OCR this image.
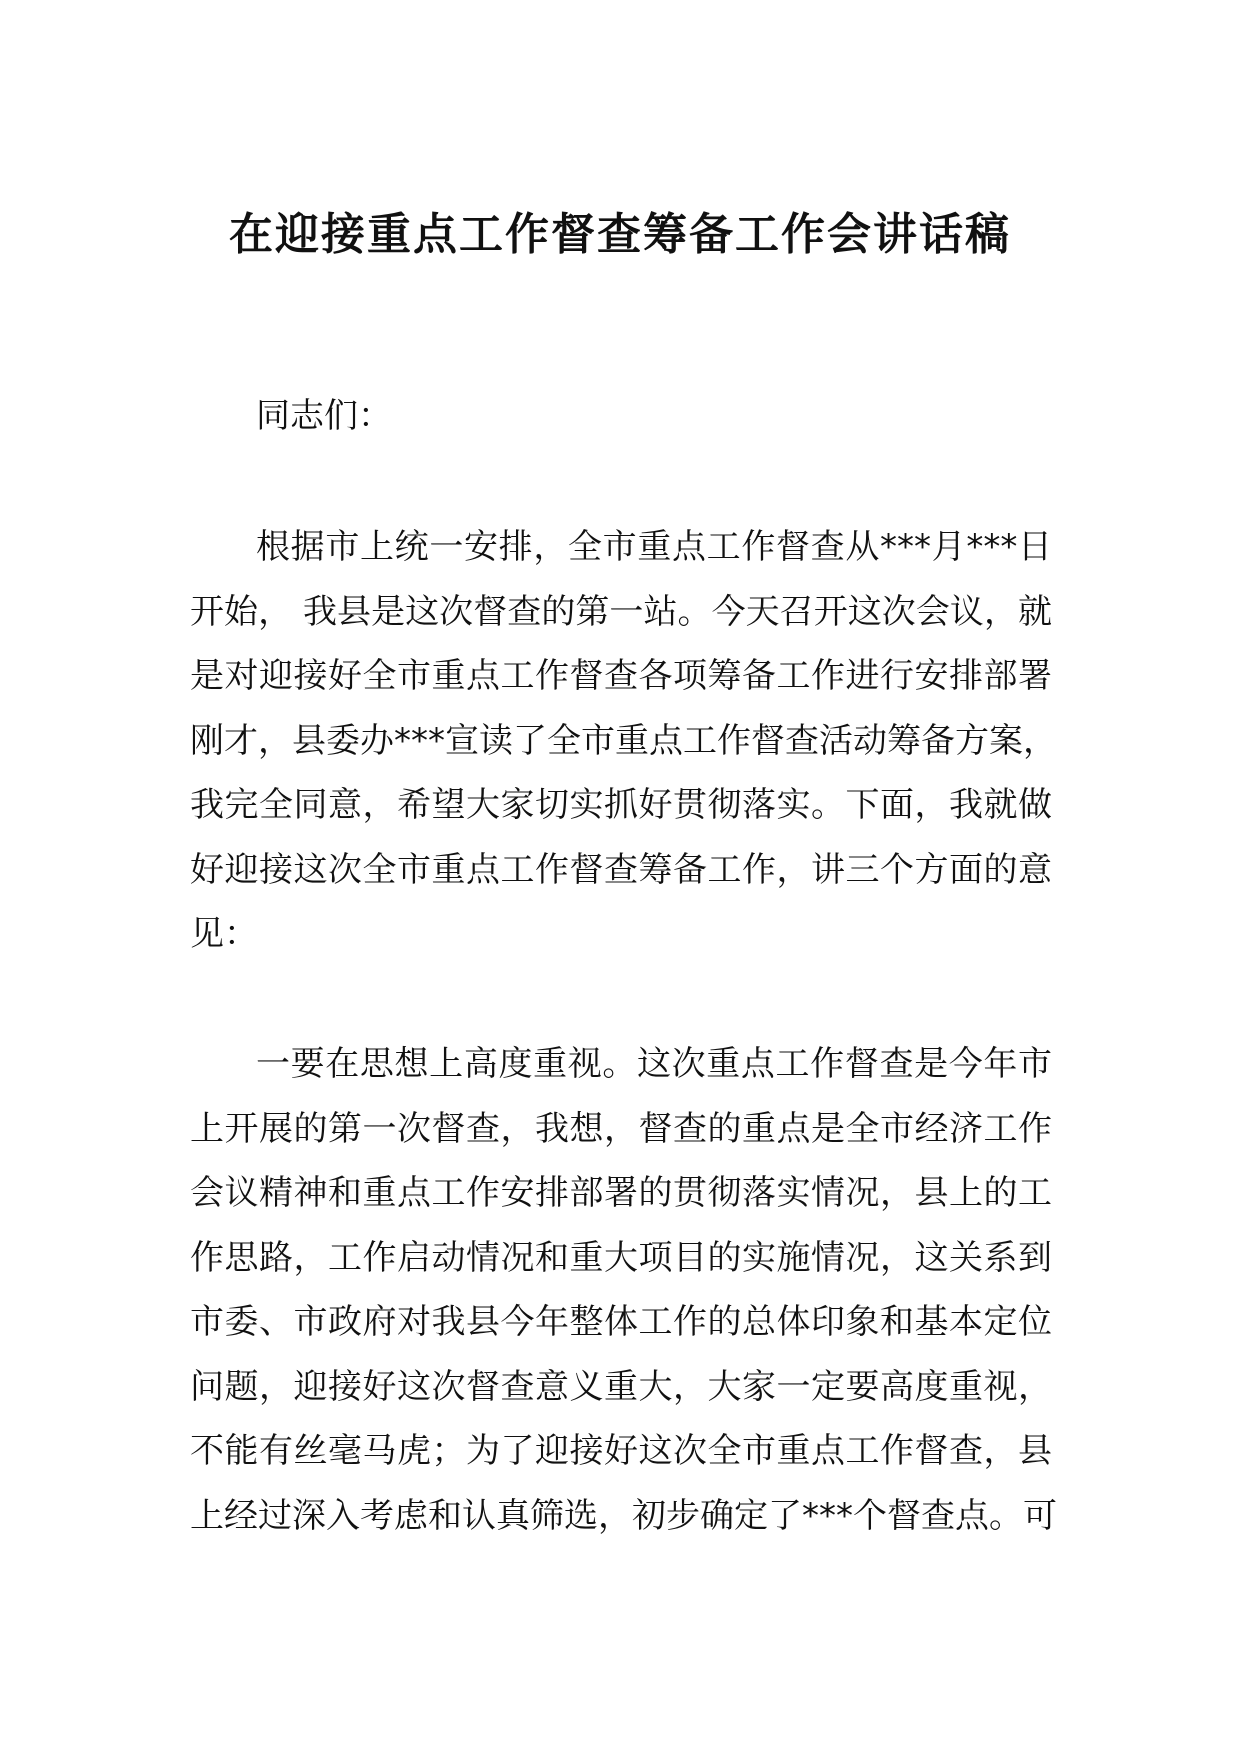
在迎接重点工作督查筹备工作会讲话稿
同志们：
根据市上统一安排，全市重点工作督查从***月***日
开始， 我县是这次督查的第一站。今天召开这次会议，就
是对迎接好全市重点工作督查各项筹备工作进行安排部署
刚才，县委办***宣读了全市重点工作督查活动筹备方案，
我完全同意，希望大家切实抓好贯彻落实。下面，我就做
好迎接这次全市重点工作督查筹备工作，讲三个方面的意
见：
一要在思想上高度重视。这次重点工作督查是今年市
上开展的第一次督查，我想，督查的重点是全市经济工作
会议精神和重点工作安排部署的贯彻落实情况，县上的工
作思路，工作启动情况和重大项目的实施情况，这关系到
市委、市政府对我县今年整体工作的总体印象和基本定位
问题，迎接好这次督查意义重大，大家一定要高度重视，
不能有丝毫马虎；为了迎接好这次全市重点工作督查，县
上经过深入考虑和认真筛选，初步确定了***个督查点。可
